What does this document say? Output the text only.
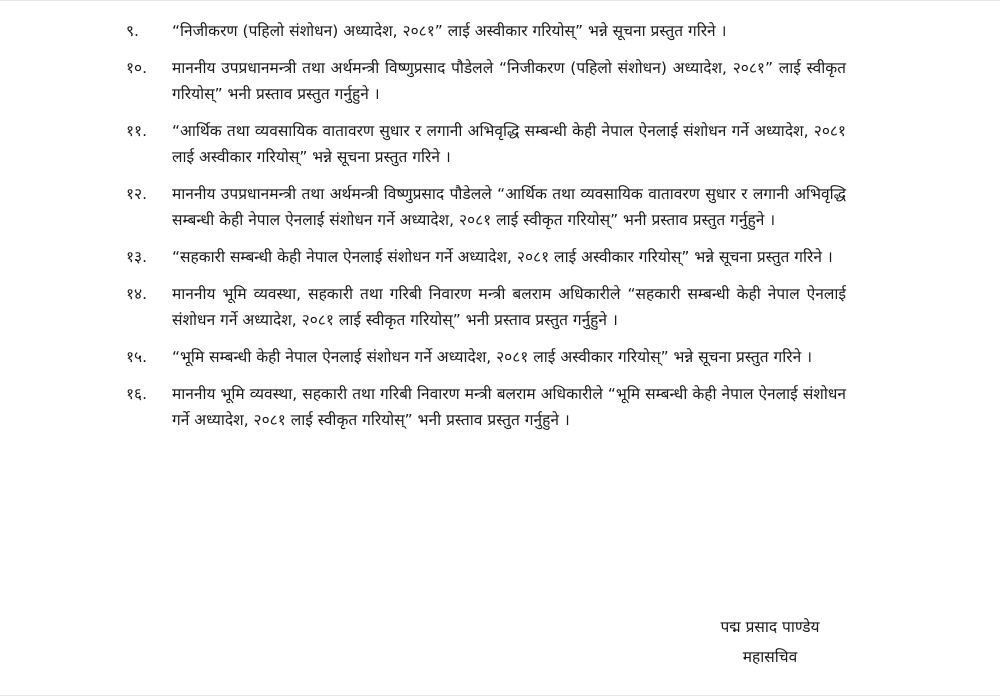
९.	“निजीकरण (पहिलो संशोधन) अध्यादेश, २०८१” लाई अस्वीकार गरियोस्” भन्ने सूचना प्रस्तुत गरिने ।
१०.	माननीय उपप्रधानमन्त्री तथा अर्थमन्त्री विष्णुप्रसाद पौडेलले “निजीकरण (पहिलो संशोधन) अध्यादेश, २०८१” लाई स्वीकृत गरियोस्” भनी प्रस्ताव प्रस्तुत गर्नुहुने ।
११.	“आर्थिक तथा व्यवसायिक वातावरण सुधार र लगानी अभिवृद्धि सम्बन्धी केही नेपाल ऐनलाई संशोधन गर्ने अध्यादेश, २०८१ लाई अस्वीकार गरियोस्” भन्ने सूचना प्रस्तुत गरिने ।
१२.	माननीय उपप्रधानमन्त्री तथा अर्थमन्त्री विष्णुप्रसाद पौडेलले “आर्थिक तथा व्यवसायिक वातावरण सुधार र लगानी अभिवृद्धि सम्बन्धी केही नेपाल ऐनलाई संशोधन गर्ने अध्यादेश, २०८१ लाई स्वीकृत गरियोस्” भनी प्रस्ताव प्रस्तुत गर्नुहुने ।
१३.	“सहकारी सम्बन्धी केही नेपाल ऐनलाई संशोधन गर्ने अध्यादेश, २०८१ लाई अस्वीकार गरियोस्” भन्ने सूचना प्रस्तुत गरिने ।
१४.	माननीय भूमि व्यवस्था, सहकारी तथा गरिबी निवारण मन्त्री बलराम अधिकारीले “सहकारी सम्बन्धी केही नेपाल ऐनलाई संशोधन गर्ने अध्यादेश, २०८१ लाई स्वीकृत गरियोस्” भनी प्रस्ताव प्रस्तुत गर्नुहुने ।
१५.	“भूमि सम्बन्धी केही नेपाल ऐनलाई संशोधन गर्ने अध्यादेश, २०८१ लाई अस्वीकार गरियोस्” भन्ने सूचना प्रस्तुत गरिने ।
१६.	माननीय भूमि व्यवस्था, सहकारी तथा गरिबी निवारण मन्त्री बलराम अधिकारीले “भूमि सम्बन्धी केही नेपाल ऐनलाई संशोधन गर्ने अध्यादेश, २०८१ लाई स्वीकृत गरियोस्” भनी प्रस्ताव प्रस्तुत गर्नुहुने ।
पद्म प्रसाद पाण्डेय
महासचिव
